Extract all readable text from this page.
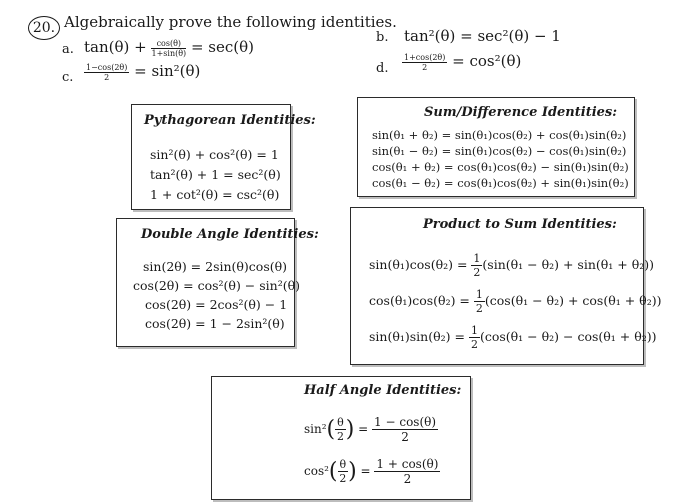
20. Algebraically prove the following identities.
a. $\tan(\theta) + \frac{\cos(\theta)}{1+\sin(\theta)} = \sec(\theta)$
b. tan²(θ) = sec²(θ) − 1
c. $\frac{1-\cos(2\theta)}{2} = \sin^2(\theta)$	d. $\frac{1+\cos(2\theta)}{2} = \cos^2(\theta)$
Pythagorean Identities:
sin²(θ) + cos²(θ) = 1
tan²(θ) + 1 = sec²(θ)
1 + cot²(θ) = csc²(θ)
Sum/Difference Identities:
sin(θ₁ + θ₂) = sin(θ₁)cos(θ₂) + cos(θ₁)sin(θ₂)
sin(θ₁ − θ₂) = sin(θ₁)cos(θ₂) − cos(θ₁)sin(θ₂)
cos(θ₁ + θ₂) = cos(θ₁)cos(θ₂) − sin(θ₁)sin(θ₂)
cos(θ₁ − θ₂) = cos(θ₁)cos(θ₂) + sin(θ₁)sin(θ₂)
Double Angle Identities:
sin(2θ) = 2sin(θ)cos(θ)
cos(2θ) = cos²(θ) − sin²(θ)
cos(2θ) = 2cos²(θ) − 1
cos(2θ) = 1 − 2sin²(θ)
Product to Sum Identities:
$\sin(\theta_1)\cos(\theta_2) = \frac{1}{2} (\sin(\theta_1 - \theta_2) + \sin(\theta_1 + \theta_2))$
$\cos(\theta_1)\cos(\theta_2) = \frac{1}{2} (\cos(\theta_1 - \theta_2) + \cos(\theta_1 + \theta_2))$
$\sin(\theta_1)\sin(\theta_2) = \frac{1}{2} (\cos(\theta_1 - \theta_2) - \cos(\theta_1 + \theta_2))$
Half Angle Identities:
$\sin^2( \frac{\theta}{2}$ ) = $\frac{1 - \cos(\theta)}{2}$
$\cos^2( \frac{\theta}{2}$ ) = $\frac{1 + \cos(\theta)}{2}$
